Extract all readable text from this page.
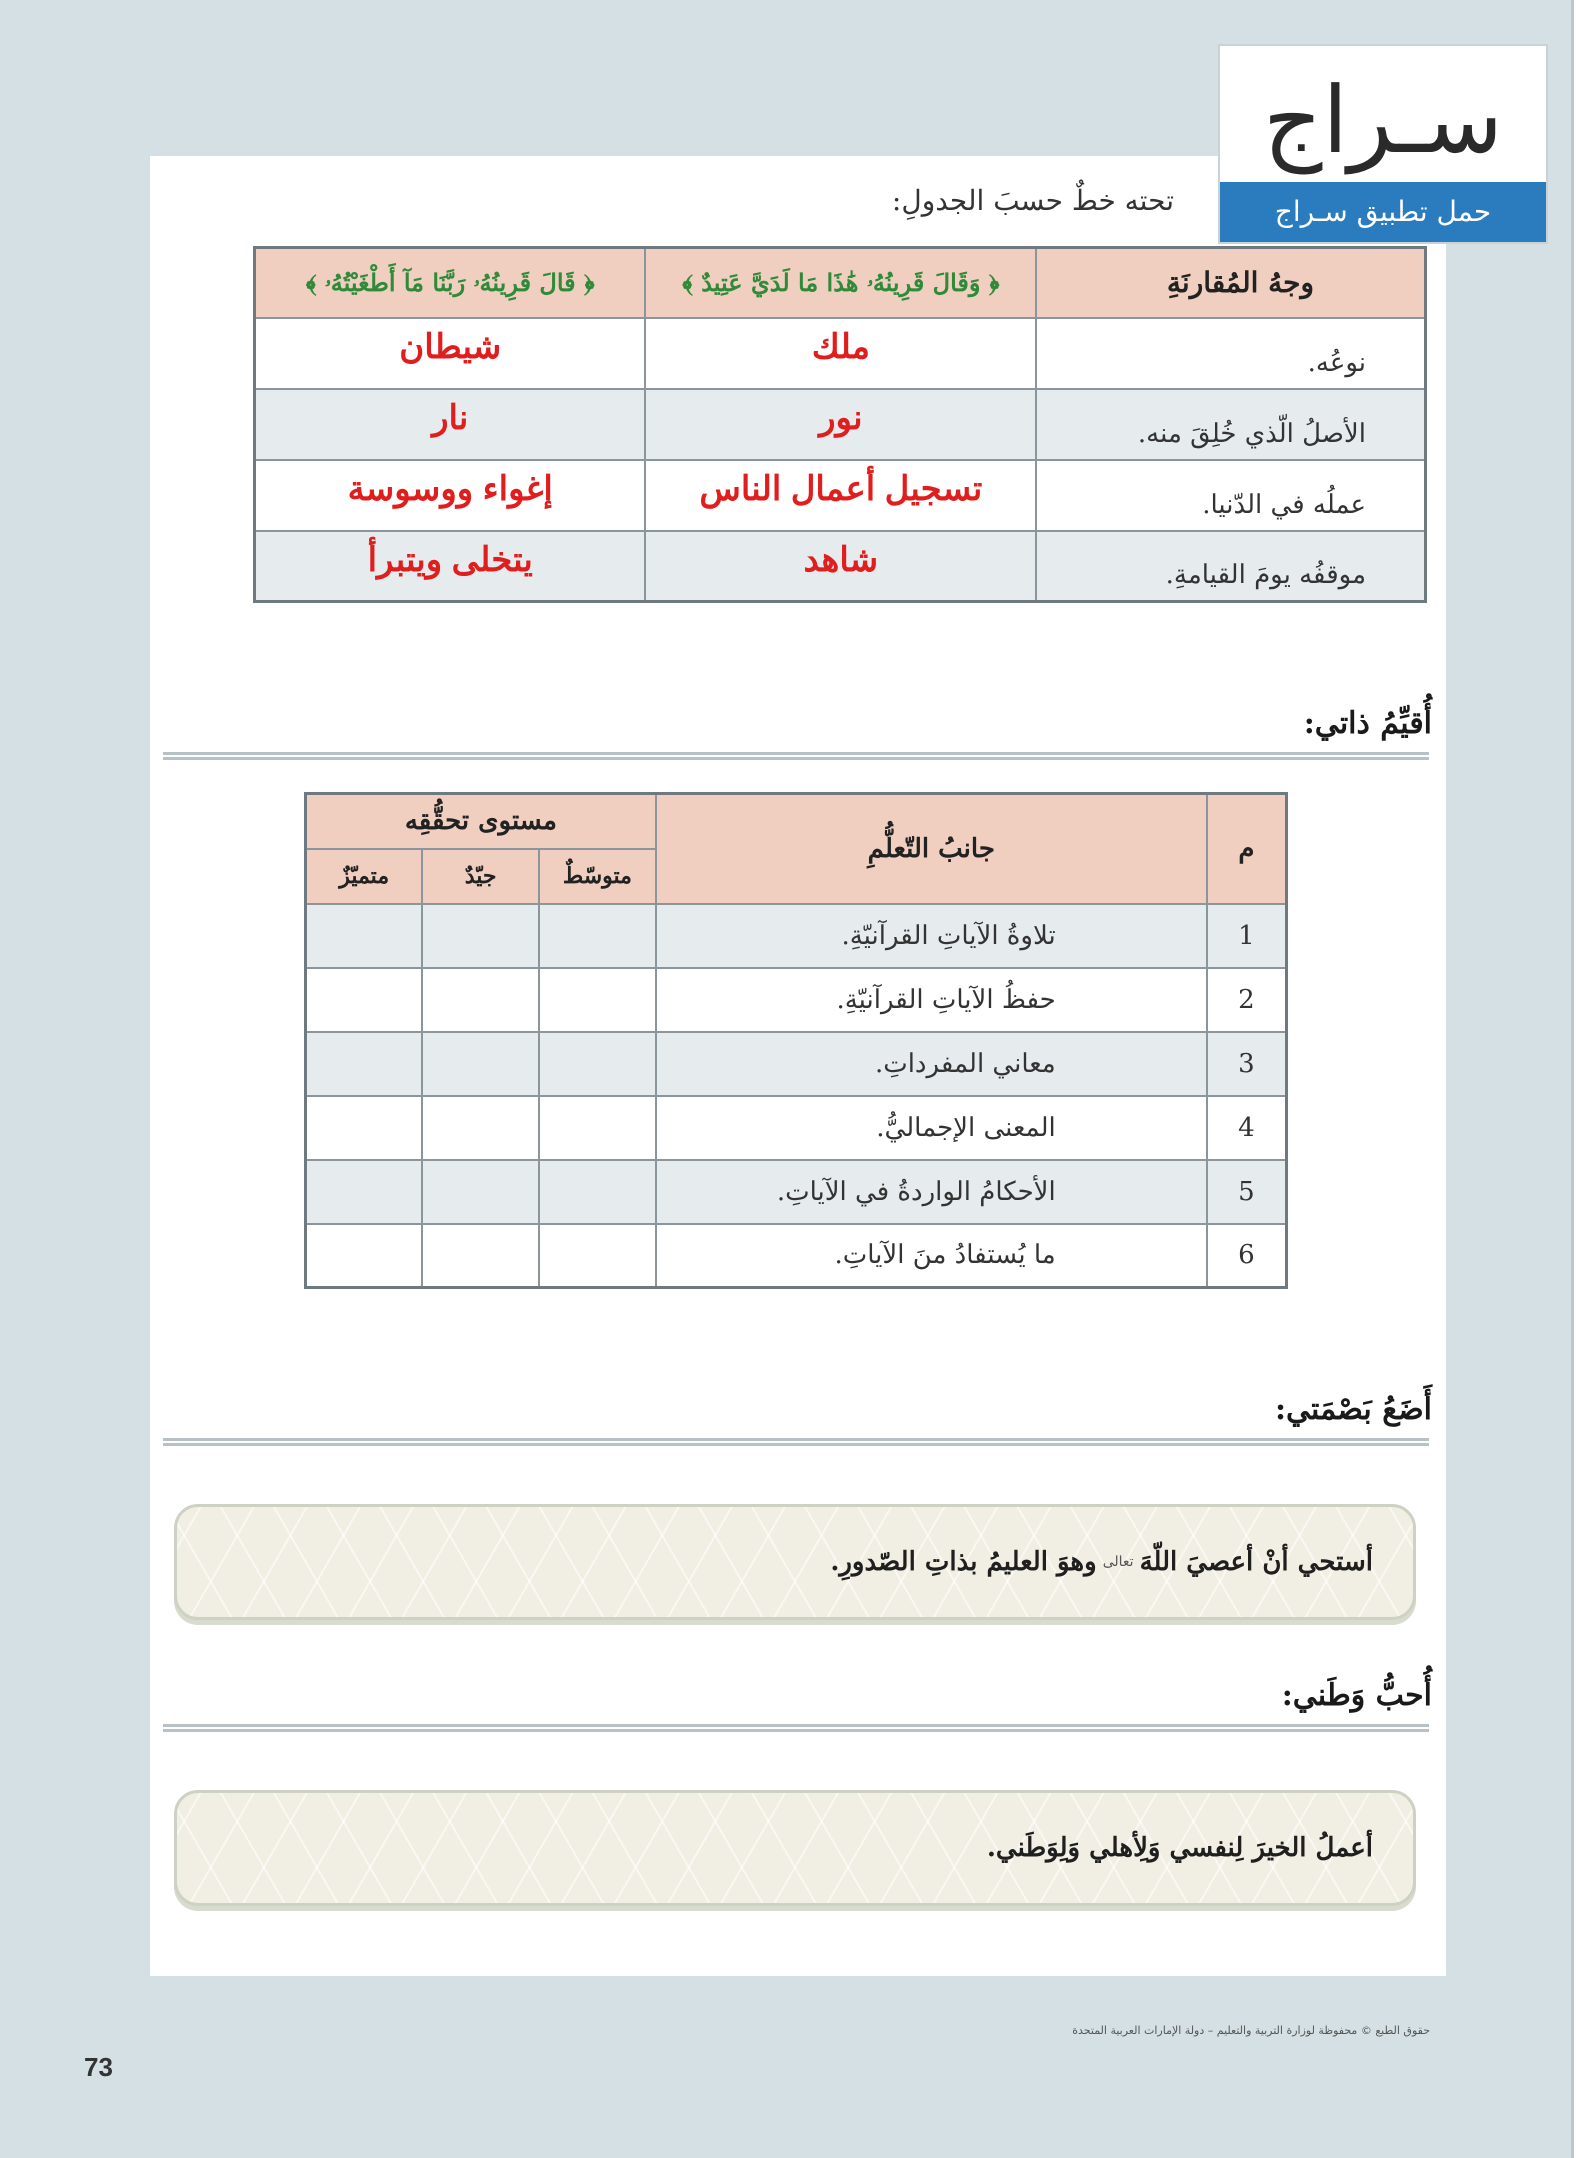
سـراج
حمل تطبيق سـراج
تحته خطٌ حسبَ الجدولِ:
وجهُ المُقارنَةِ	﴿ وَقَالَ قَرِينُهُۥ هَٰذَا مَا لَدَيَّ عَتِيدٌ ﴾	﴿ قَالَ قَرِينُهُۥ رَبَّنَا مَآ أَطْغَيْتُهُۥ ﴾
نوعُه.	ملك	شيطان
الأصلُ الّذي خُلِقَ منه.	نور	نار
عملُه في الدّنيا.	تسجيل أعمال الناس	إغواء ووسوسة
موقفُه يومَ القيامةِ.	شاهد	يتخلى ويتبرأ
أُقيِّمُ ذاتي:
م	جانبُ التّعلُّمِ	مستوى تحقُّقِه		
		متوسّطٌ	جيّدٌ	متميّزٌ
1	تلاوةُ الآياتِ القرآنيّةِ.			
2	حفظُ الآياتِ القرآنيّةِ.			
3	معاني المفرداتِ.			
4	المعنى الإجماليُّ.			
5	الأحكامُ الواردةُ في الآياتِ.			
6	ما يُستفادُ منَ الآياتِ.			
أَضَعُ بَصْمَتي:
أستحي أنْ أعصيَ اللّهَ
تعالى
وهوَ العليمُ بذاتِ الصّدورِ.
أُحبُّ وَطَني:
أعملُ الخيرَ لِنفسي وَلِأهلي وَلِوَطَني.
حقوق الطبع © محفوظة لوزارة التربية والتعليم – دولة الإمارات العربية المتحدة
73
